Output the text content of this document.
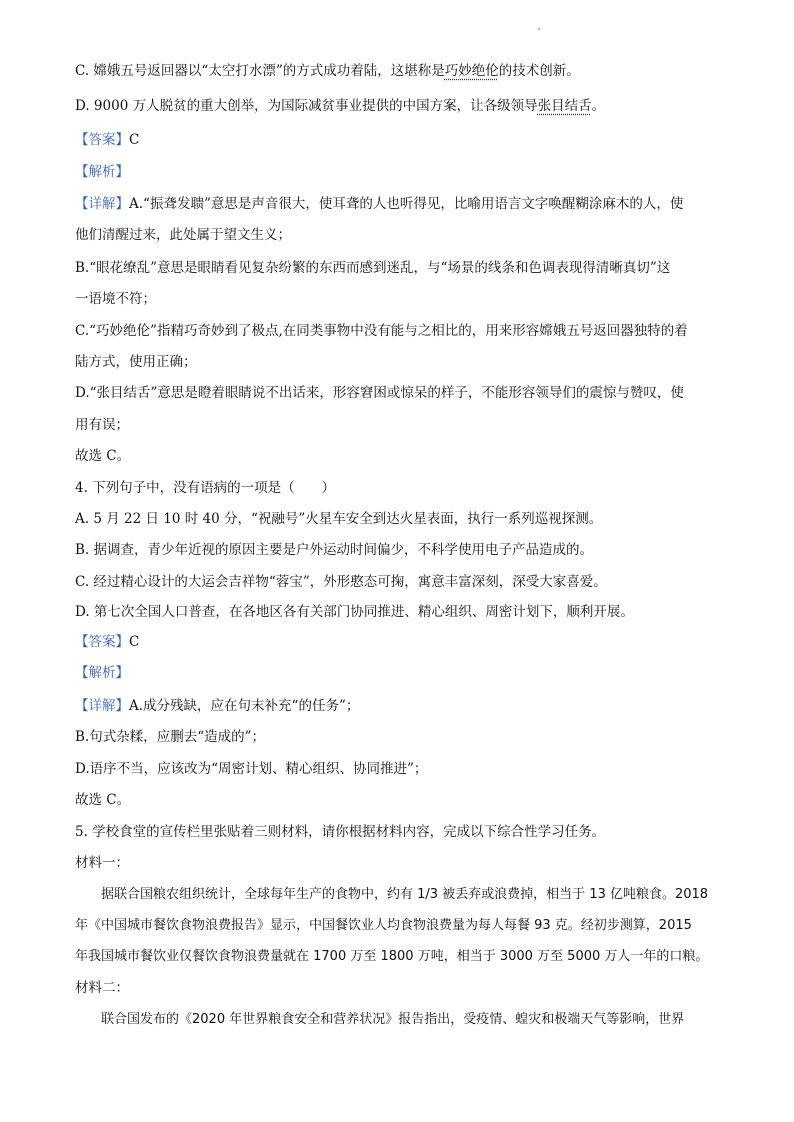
C. 嫦娥五号返回器以“太空打水漂”的方式成功着陆，这堪称是巧妙绝伦的技术创新。
D. 9000 万人脱贫的重大创举，为国际减贫事业提供的中国方案，让各级领导张目结舌。
【答案】C
【解析】
【详解】A.“振聋发聩”意思是声音很大，使耳聋的人也听得见，比喻用语言文字唤醒糊涂麻木的人，使
他们清醒过来，此处属于望文生义；
B.“眼花缭乱”意思是眼睛看见复杂纷繁的东西而感到迷乱，与“场景的线条和色调表现得清晰真切”这
一语境不符；
C.“巧妙绝伦”指精巧奇妙到了极点,在同类事物中没有能与之相比的，用来形容嫦娥五号返回器独特的着
陆方式，使用正确；
D.“张目结舌”意思是瞪着眼睛说不出话来，形容窘困或惊呆的样子，不能形容领导们的震惊与赞叹，使
用有误；
故选 C。
4. 下列句子中，没有语病的一项是（　　）
A. 5 月 22 日 10 时 40 分，“祝融号”火星车安全到达火星表面，执行一系列巡视探测。
B. 据调查，青少年近视的原因主要是户外运动时间偏少，不科学使用电子产品造成的。
C. 经过精心设计的大运会吉祥物“蓉宝”，外形憨态可掬，寓意丰富深刻，深受大家喜爱。
D. 第七次全国人口普查，在各地区各有关部门协同推进、精心组织、周密计划下，顺利开展。
【答案】C
【解析】
【详解】A.成分残缺，应在句末补充“的任务”；
B.句式杂糅，应删去“造成的”；
D.语序不当，应该改为“周密计划、精心组织、协同推进”；
故选 C。
5. 学校食堂的宣传栏里张贴着三则材料，请你根据材料内容，完成以下综合性学习任务。
材料一：
据联合国粮农组织统计，全球每年生产的食物中，约有 1/3 被丢弃或浪费掉，相当于 13 亿吨粮食。2018
年《中国城市餐饮食物浪费报告》显示，中国餐饮业人均食物浪费量为每人每餐 93 克。经初步测算，2015
年我国城市餐饮业仅餐饮食物浪费量就在 1700 万至 1800 万吨，相当于 3000 万至 5000 万人一年的口粮。
材料二：
联合国发布的《2020 年世界粮食安全和营养状况》报告指出，受疫情、蝗灾和极端天气等影响，世界
